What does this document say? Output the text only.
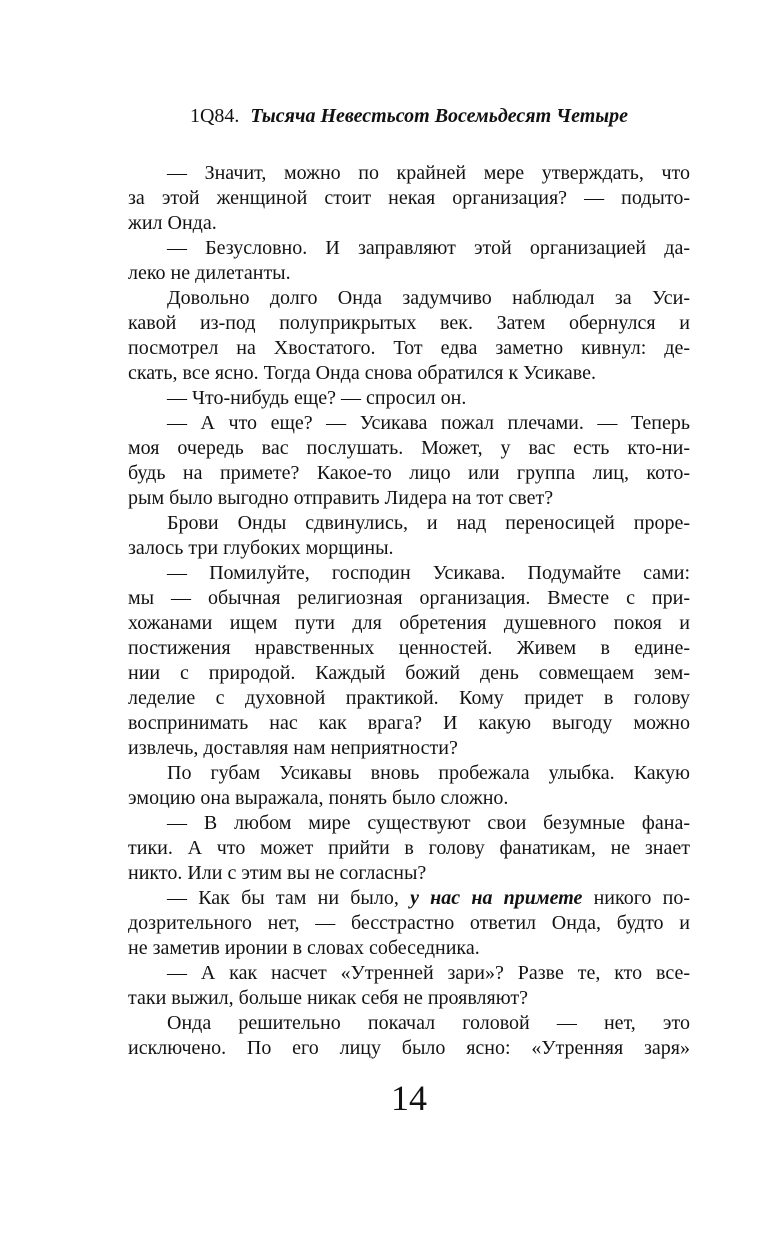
1Q84. Тысяча Невестьсот Восемьдесят Четыре
— Значит, можно по крайней мере утверждать, что
за этой женщиной стоит некая организация? — подыто-
жил Онда.
— Безусловно. И заправляют этой организацией да-
леко не дилетанты.
Довольно долго Онда задумчиво наблюдал за Уси-
кавой из-под полуприкрытых век. Затем обернулся и
посмотрел на Хвостатого. Тот едва заметно кивнул: де-
скать, все ясно. Тогда Онда снова обратился к Усикаве.
— Что-нибудь еще? — спросил он.
— А что еще? — Усикава пожал плечами. — Теперь
моя очередь вас послушать. Может, у вас есть кто-ни-
будь на примете? Какое-то лицо или группа лиц, кото-
рым было выгодно отправить Лидера на тот свет?
Брови Онды сдвинулись, и над переносицей проре-
залось три глубоких морщины.
— Помилуйте, господин Усикава. Подумайте сами:
мы — обычная религиозная организация. Вместе с при-
хожанами ищем пути для обретения душевного покоя и
постижения нравственных ценностей. Живем в едине-
нии с природой. Каждый божий день совмещаем зем-
леделие с духовной практикой. Кому придет в голову
воспринимать нас как врага? И какую выгоду можно
извлечь, доставляя нам неприятности?
По губам Усикавы вновь пробежала улыбка. Какую
эмоцию она выражала, понять было сложно.
— В любом мире существуют свои безумные фана-
тики. А что может прийти в голову фанатикам, не знает
никто. Или с этим вы не согласны?
— Как бы там ни было, у нас на примете никого по-
дозрительного нет, — бесстрастно ответил Онда, будто и
не заметив иронии в словах собеседника.
— А как насчет «Утренней зари»? Разве те, кто все-
таки выжил, больше никак себя не проявляют?
Онда решительно покачал головой — нет, это
исключено. По его лицу было ясно: «Утренняя заря»
14
